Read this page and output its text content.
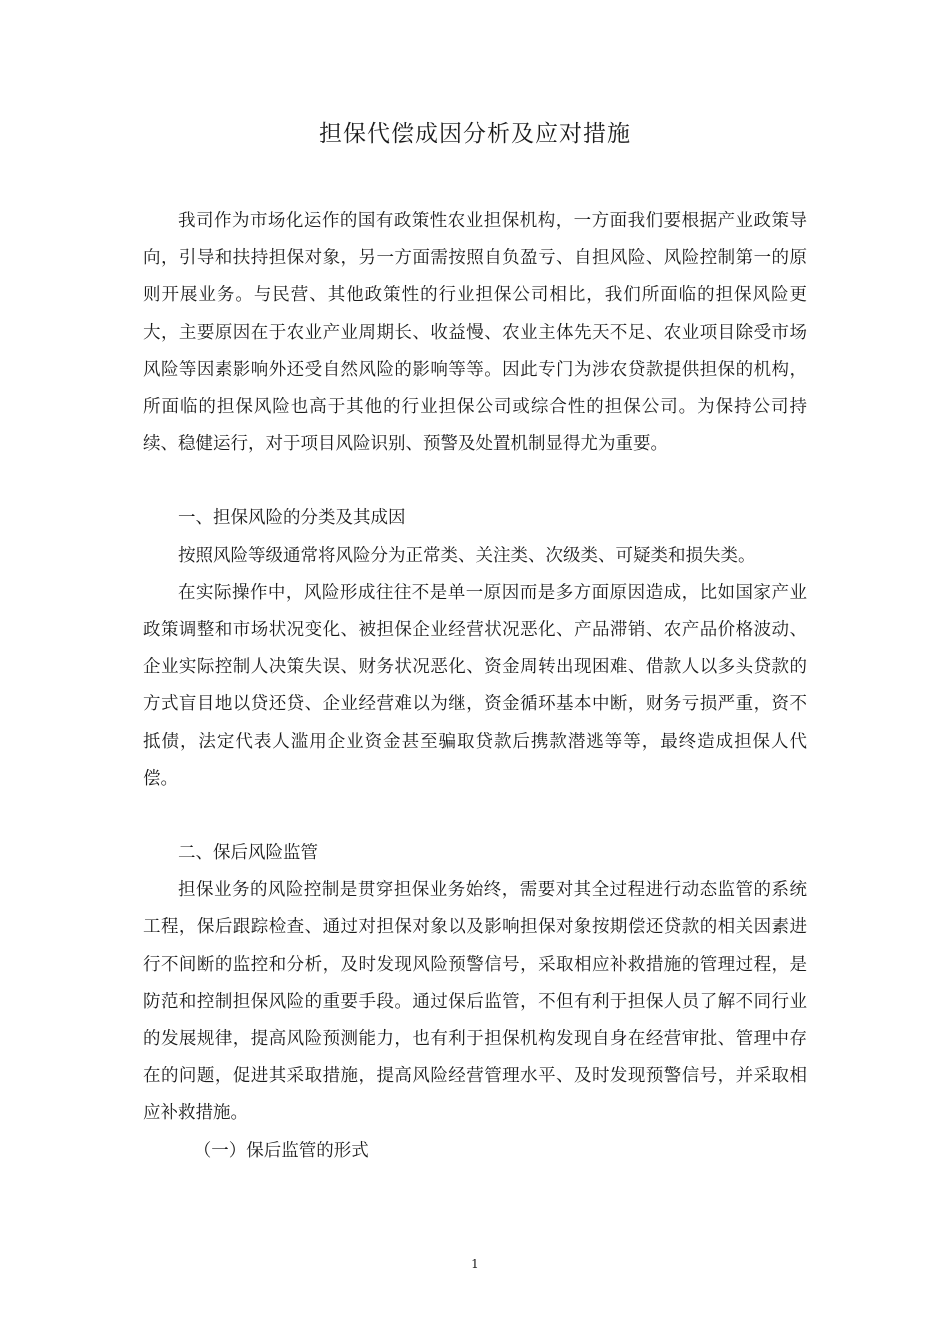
担保代偿成因分析及应对措施

我司作为市场化运作的国有政策性农业担保机构，一方面我们要根据产业政策导向，引导和扶持担保对象，另一方面需按照自负盈亏、自担风险、风险控制第一的原则开展业务。与民营、其他政策性的行业担保公司相比，我们所面临的担保风险更大，主要原因在于农业产业周期长、收益慢、农业主体先天不足、农业项目除受市场风险等因素影响外还受自然风险的影响等等。因此专门为涉农贷款提供担保的机构，所面临的担保风险也高于其他的行业担保公司或综合性的担保公司。为保持公司持续、稳健运行，对于项目风险识别、预警及处置机制显得尤为重要。

一、担保风险的分类及其成因

按照风险等级通常将风险分为正常类、关注类、次级类、可疑类和损失类。

在实际操作中，风险形成往往不是单一原因而是多方面原因造成，比如国家产业政策调整和市场状况变化、被担保企业经营状况恶化、产品滞销、农产品价格波动、企业实际控制人决策失误、财务状况恶化、资金周转出现困难、借款人以多头贷款的方式盲目地以贷还贷、企业经营难以为继，资金循环基本中断，财务亏损严重，资不抵债，法定代表人滥用企业资金甚至骗取贷款后携款潜逃等等，最终造成担保人代偿。

二、保后风险监管

担保业务的风险控制是贯穿担保业务始终，需要对其全过程进行动态监管的系统工程，保后跟踪检查、通过对担保对象以及影响担保对象按期偿还贷款的相关因素进行不间断的监控和分析，及时发现风险预警信号，采取相应补救措施的管理过程，是防范和控制担保风险的重要手段。通过保后监管，不但有利于担保人员了解不同行业的发展规律，提高风险预测能力，也有利于担保机构发现自身在经营审批、管理中存在的问题，促进其采取措施，提高风险经营管理水平、及时发现预警信号，并采取相应补救措施。

（一）保后监管的形式

1
